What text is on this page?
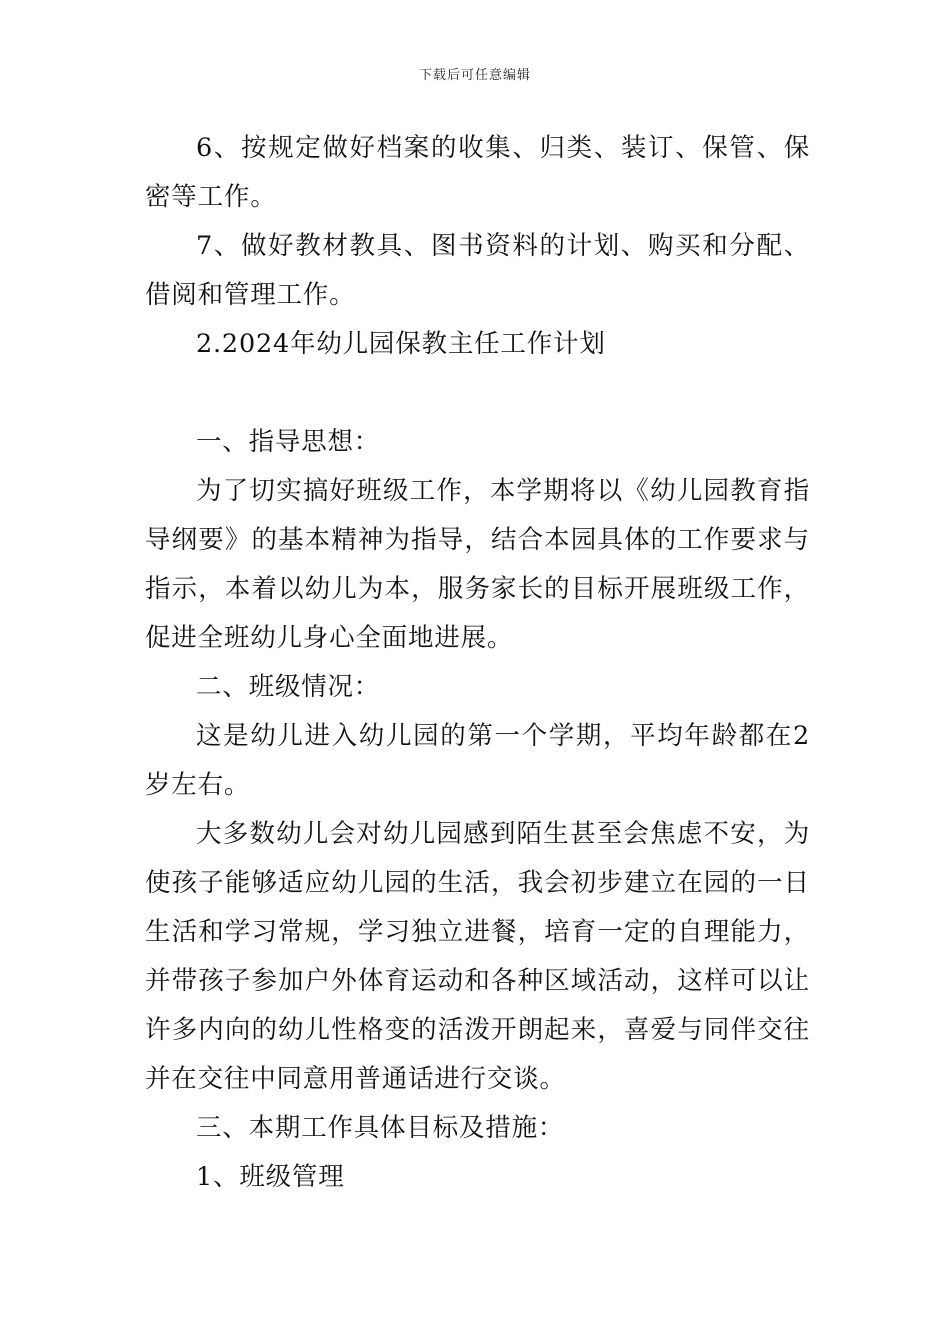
下载后可任意编辑

6、按规定做好档案的收集、归类、装订、保管、保密等工作。

7、做好教材教具、图书资料的计划、购买和分配、借阅和管理工作。

2.2024年幼儿园保教主任工作计划

一、指导思想：

为了切实搞好班级工作，本学期将以《幼儿园教育指导纲要》的基本精神为指导，结合本园具体的工作要求与指示，本着以幼儿为本，服务家长的目标开展班级工作，促进全班幼儿身心全面地进展。

二、班级情况：

这是幼儿进入幼儿园的第一个学期，平均年龄都在2岁左右。

大多数幼儿会对幼儿园感到陌生甚至会焦虑不安，为使孩子能够适应幼儿园的生活，我会初步建立在园的一日生活和学习常规，学习独立进餐，培育一定的自理能力，并带孩子参加户外体育运动和各种区域活动，这样可以让许多内向的幼儿性格变的活泼开朗起来，喜爱与同伴交往并在交往中同意用普通话进行交谈。

三、本期工作具体目标及措施：

1、班级管理
